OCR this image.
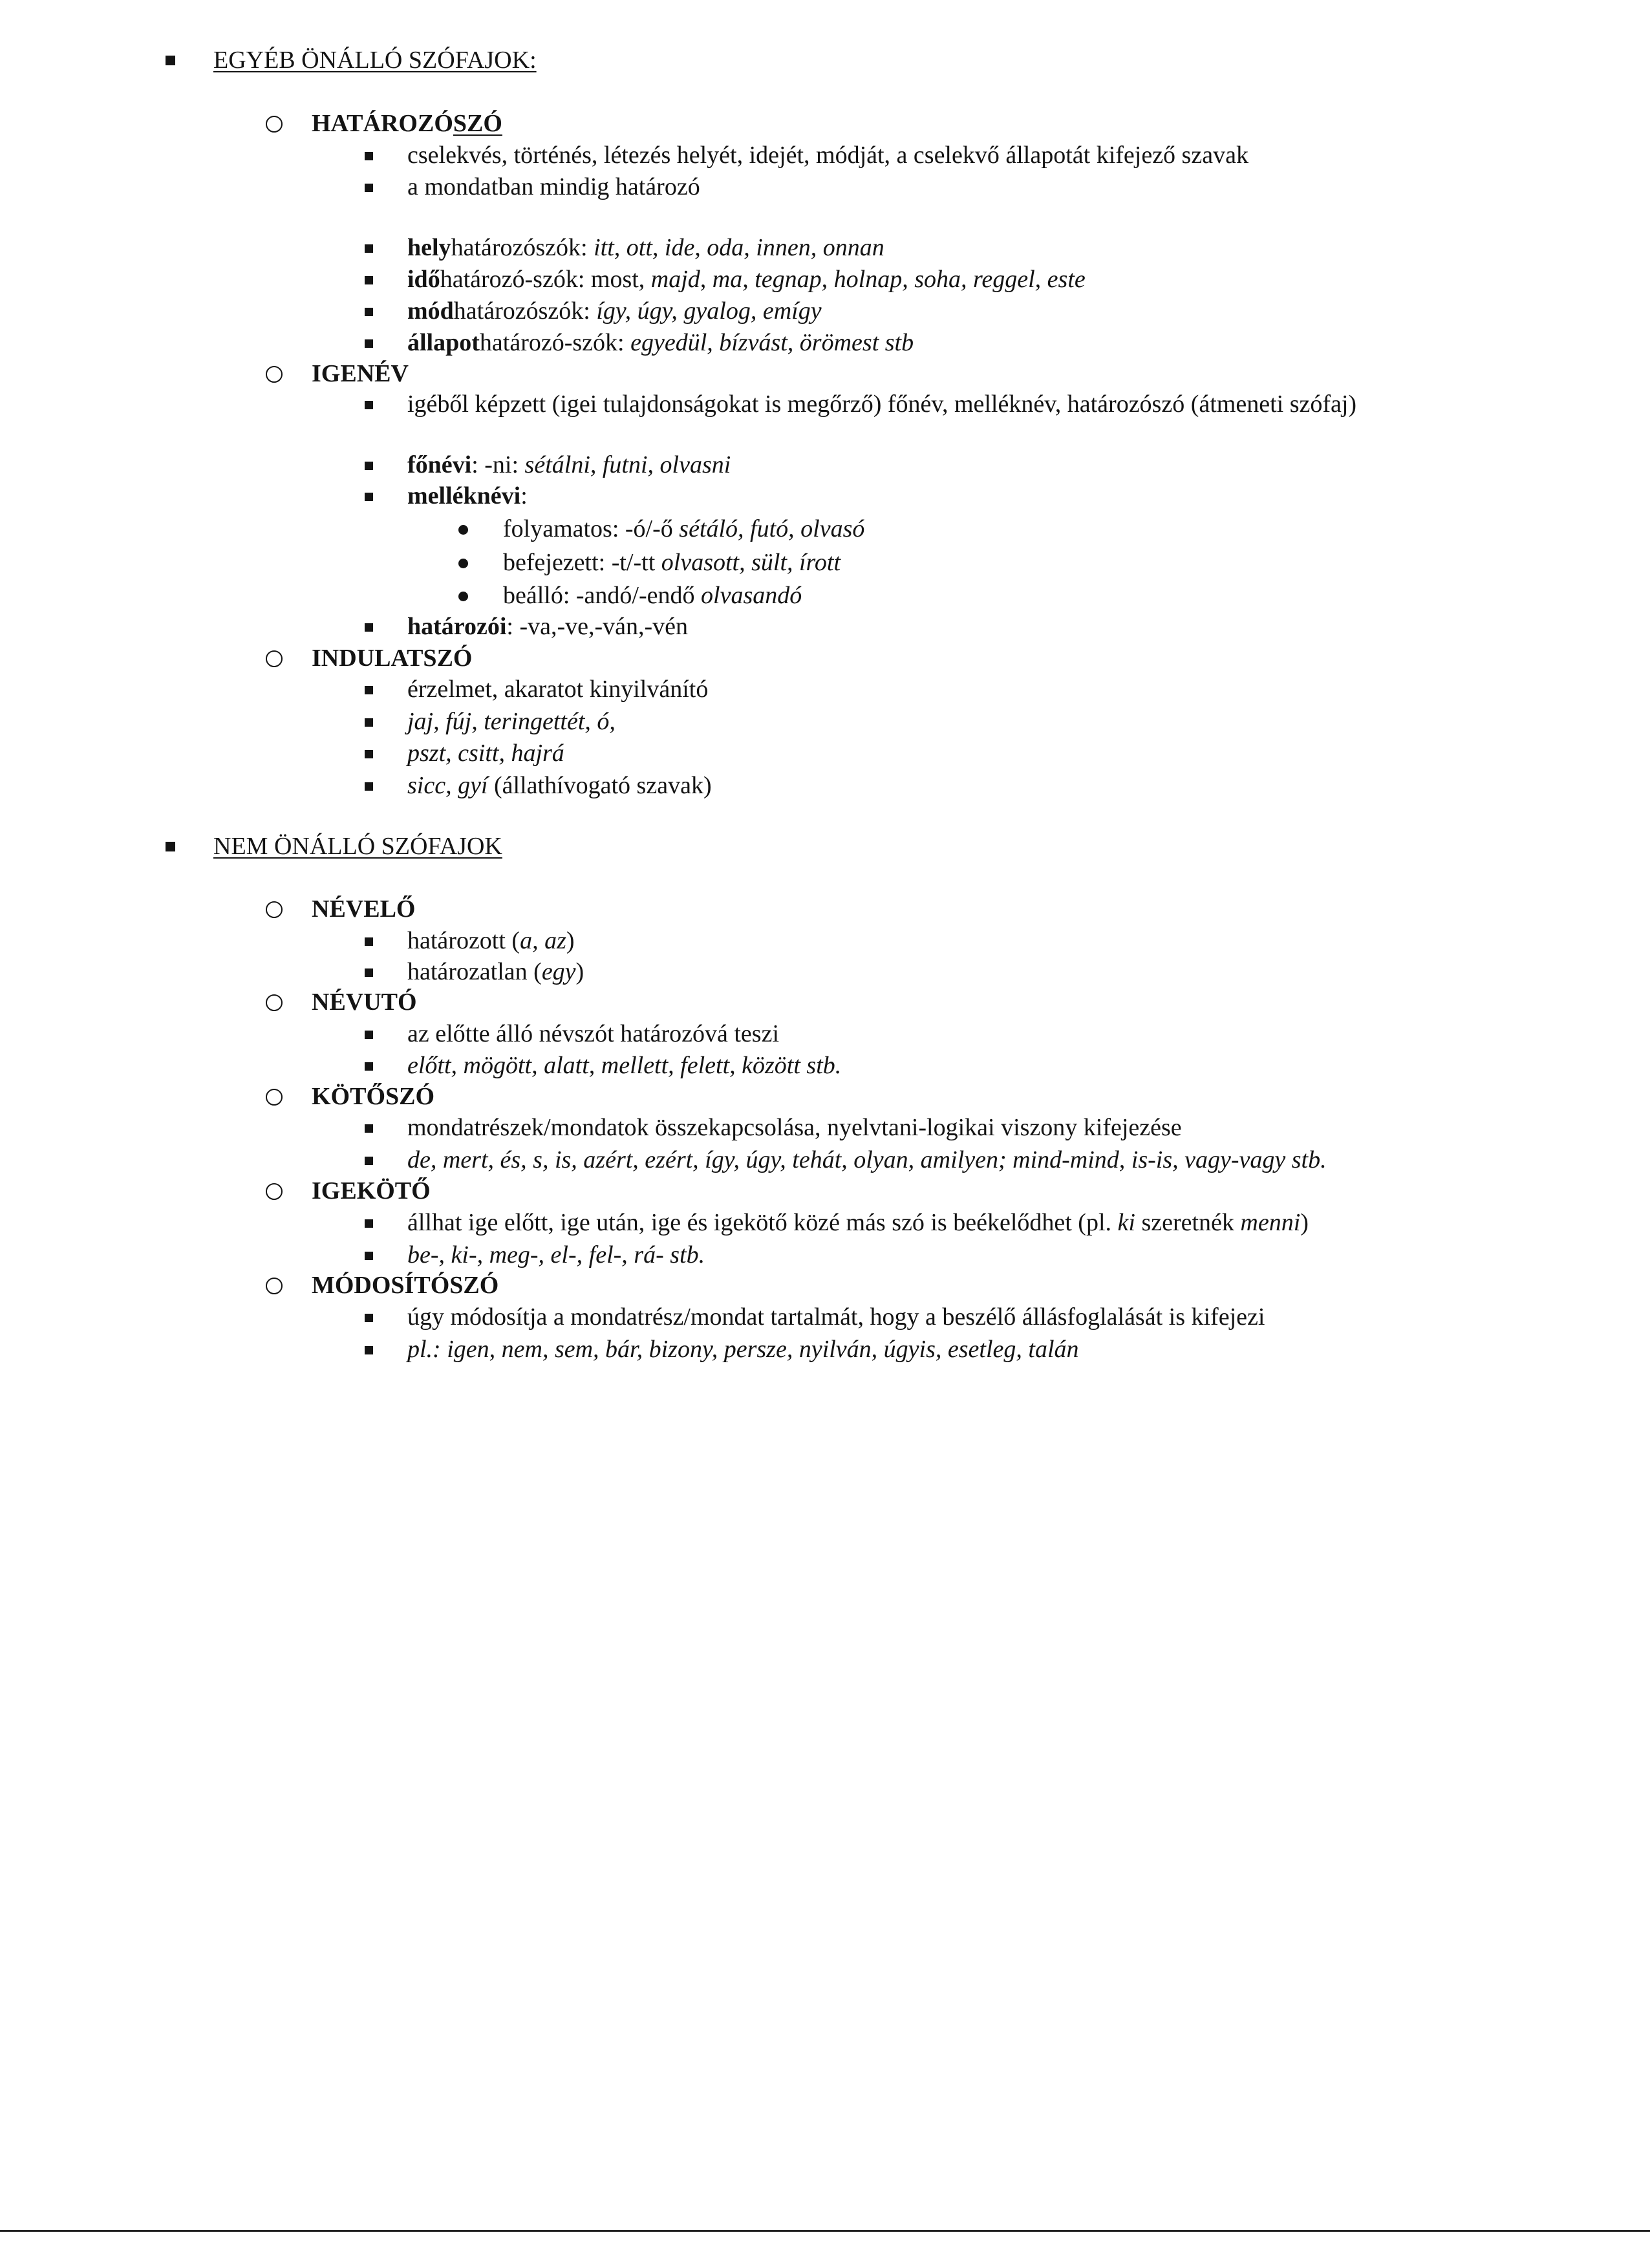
EGYÉB ÖNÁLLÓ SZÓFAJOK:
HATÁROZÓSZÓ
cselekvés, történés, létezés helyét, idejét, módját, a cselekvő állapotát kifejező szavak
a mondatban mindig határozó
helyhatározószók: itt, ott, ide, oda, innen, onnan
időhatározó-szók: most, majd, ma, tegnap, holnap, soha, reggel, este
módhatározószók: így, úgy, gyalog, emígy
állapothatározó-szók: egyedül, bízvást, örömest stb
IGENÉV
igéből képzett (igei tulajdonságokat is megőrző) főnév, melléknév, határozószó (átmeneti szófaj)
főnévi: -ni: sétálni, futni, olvasni
melléknévi:
folyamatos: -ó/-ő sétáló, futó, olvasó
befejezett: -t/-tt olvasott, sült, írott
beálló: -andó/-endő olvasandó
határozói: -va,-ve,-ván,-vén
INDULATSZÓ
érzelmet, akaratot kinyilvánító
jaj, fúj, teringettét, ó,
pszt, csitt, hajrá
sicc, gyí (állathívogató szavak)
NEM ÖNÁLLÓ SZÓFAJOK
NÉVELŐ
határozott (a, az)
határozatlan (egy)
NÉVUTÓ
az előtte álló névszót határozóvá teszi
előtt, mögött, alatt, mellett, felett, között stb.
KÖTŐSZÓ
mondatrészek/mondatok összekapcsolása, nyelvtani-logikai viszony kifejezése
de, mert, és, s, is, azért, ezért, így, úgy, tehát, olyan, amilyen; mind-mind, is-is, vagy-vagy stb.
IGEKÖTŐ
állhat ige előtt, ige után, ige és igekötő közé más szó is beékelődhet (pl. ki szeretnék menni)
be-, ki-, meg-, el-, fel-, rá- stb.
MÓDOSÍTÓSZÓ
úgy módosítja a mondatrész/mondat tartalmát, hogy a beszélő állásfoglalását is kifejezi
pl.: igen, nem, sem, bár, bizony, persze, nyilván, úgyis, esetleg, talán
